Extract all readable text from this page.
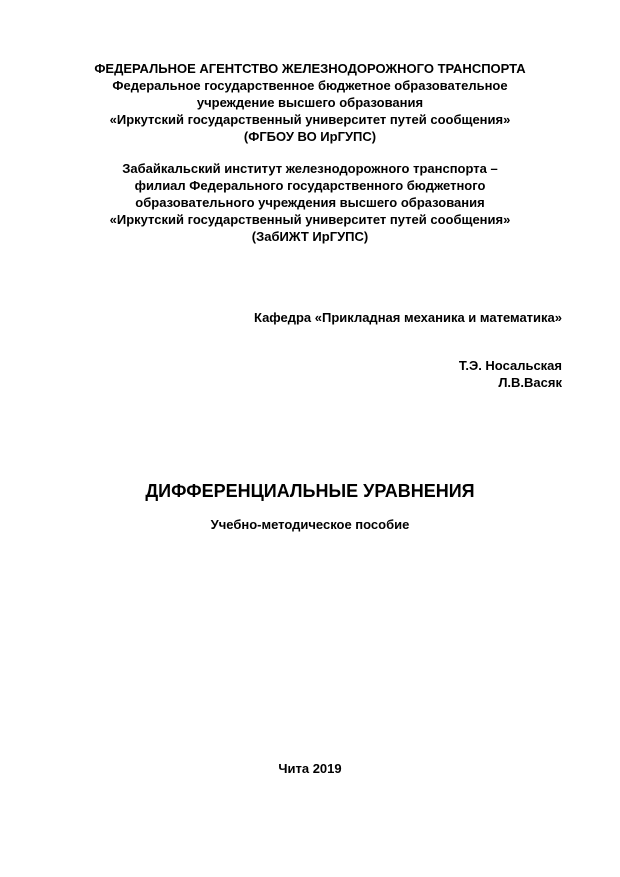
ФЕДЕРАЛЬНОЕ АГЕНТСТВО ЖЕЛЕЗНОДОРОЖНОГО ТРАНСПОРТА
Федеральное государственное бюджетное образовательное
учреждение высшего образования
«Иркутский государственный университет путей сообщения»
(ФГБОУ ВО ИрГУПС)
Забайкальский институт железнодорожного транспорта –
филиал Федерального государственного бюджетного
образовательного учреждения высшего образования
«Иркутский государственный университет путей сообщения»
(ЗабИЖТ ИрГУПС)
Кафедра «Прикладная механика и математика»
Т.Э. Носальская
Л.В.Васяк
ДИФФЕРЕНЦИАЛЬНЫЕ УРАВНЕНИЯ
Учебно-методическое пособие
Чита 2019
